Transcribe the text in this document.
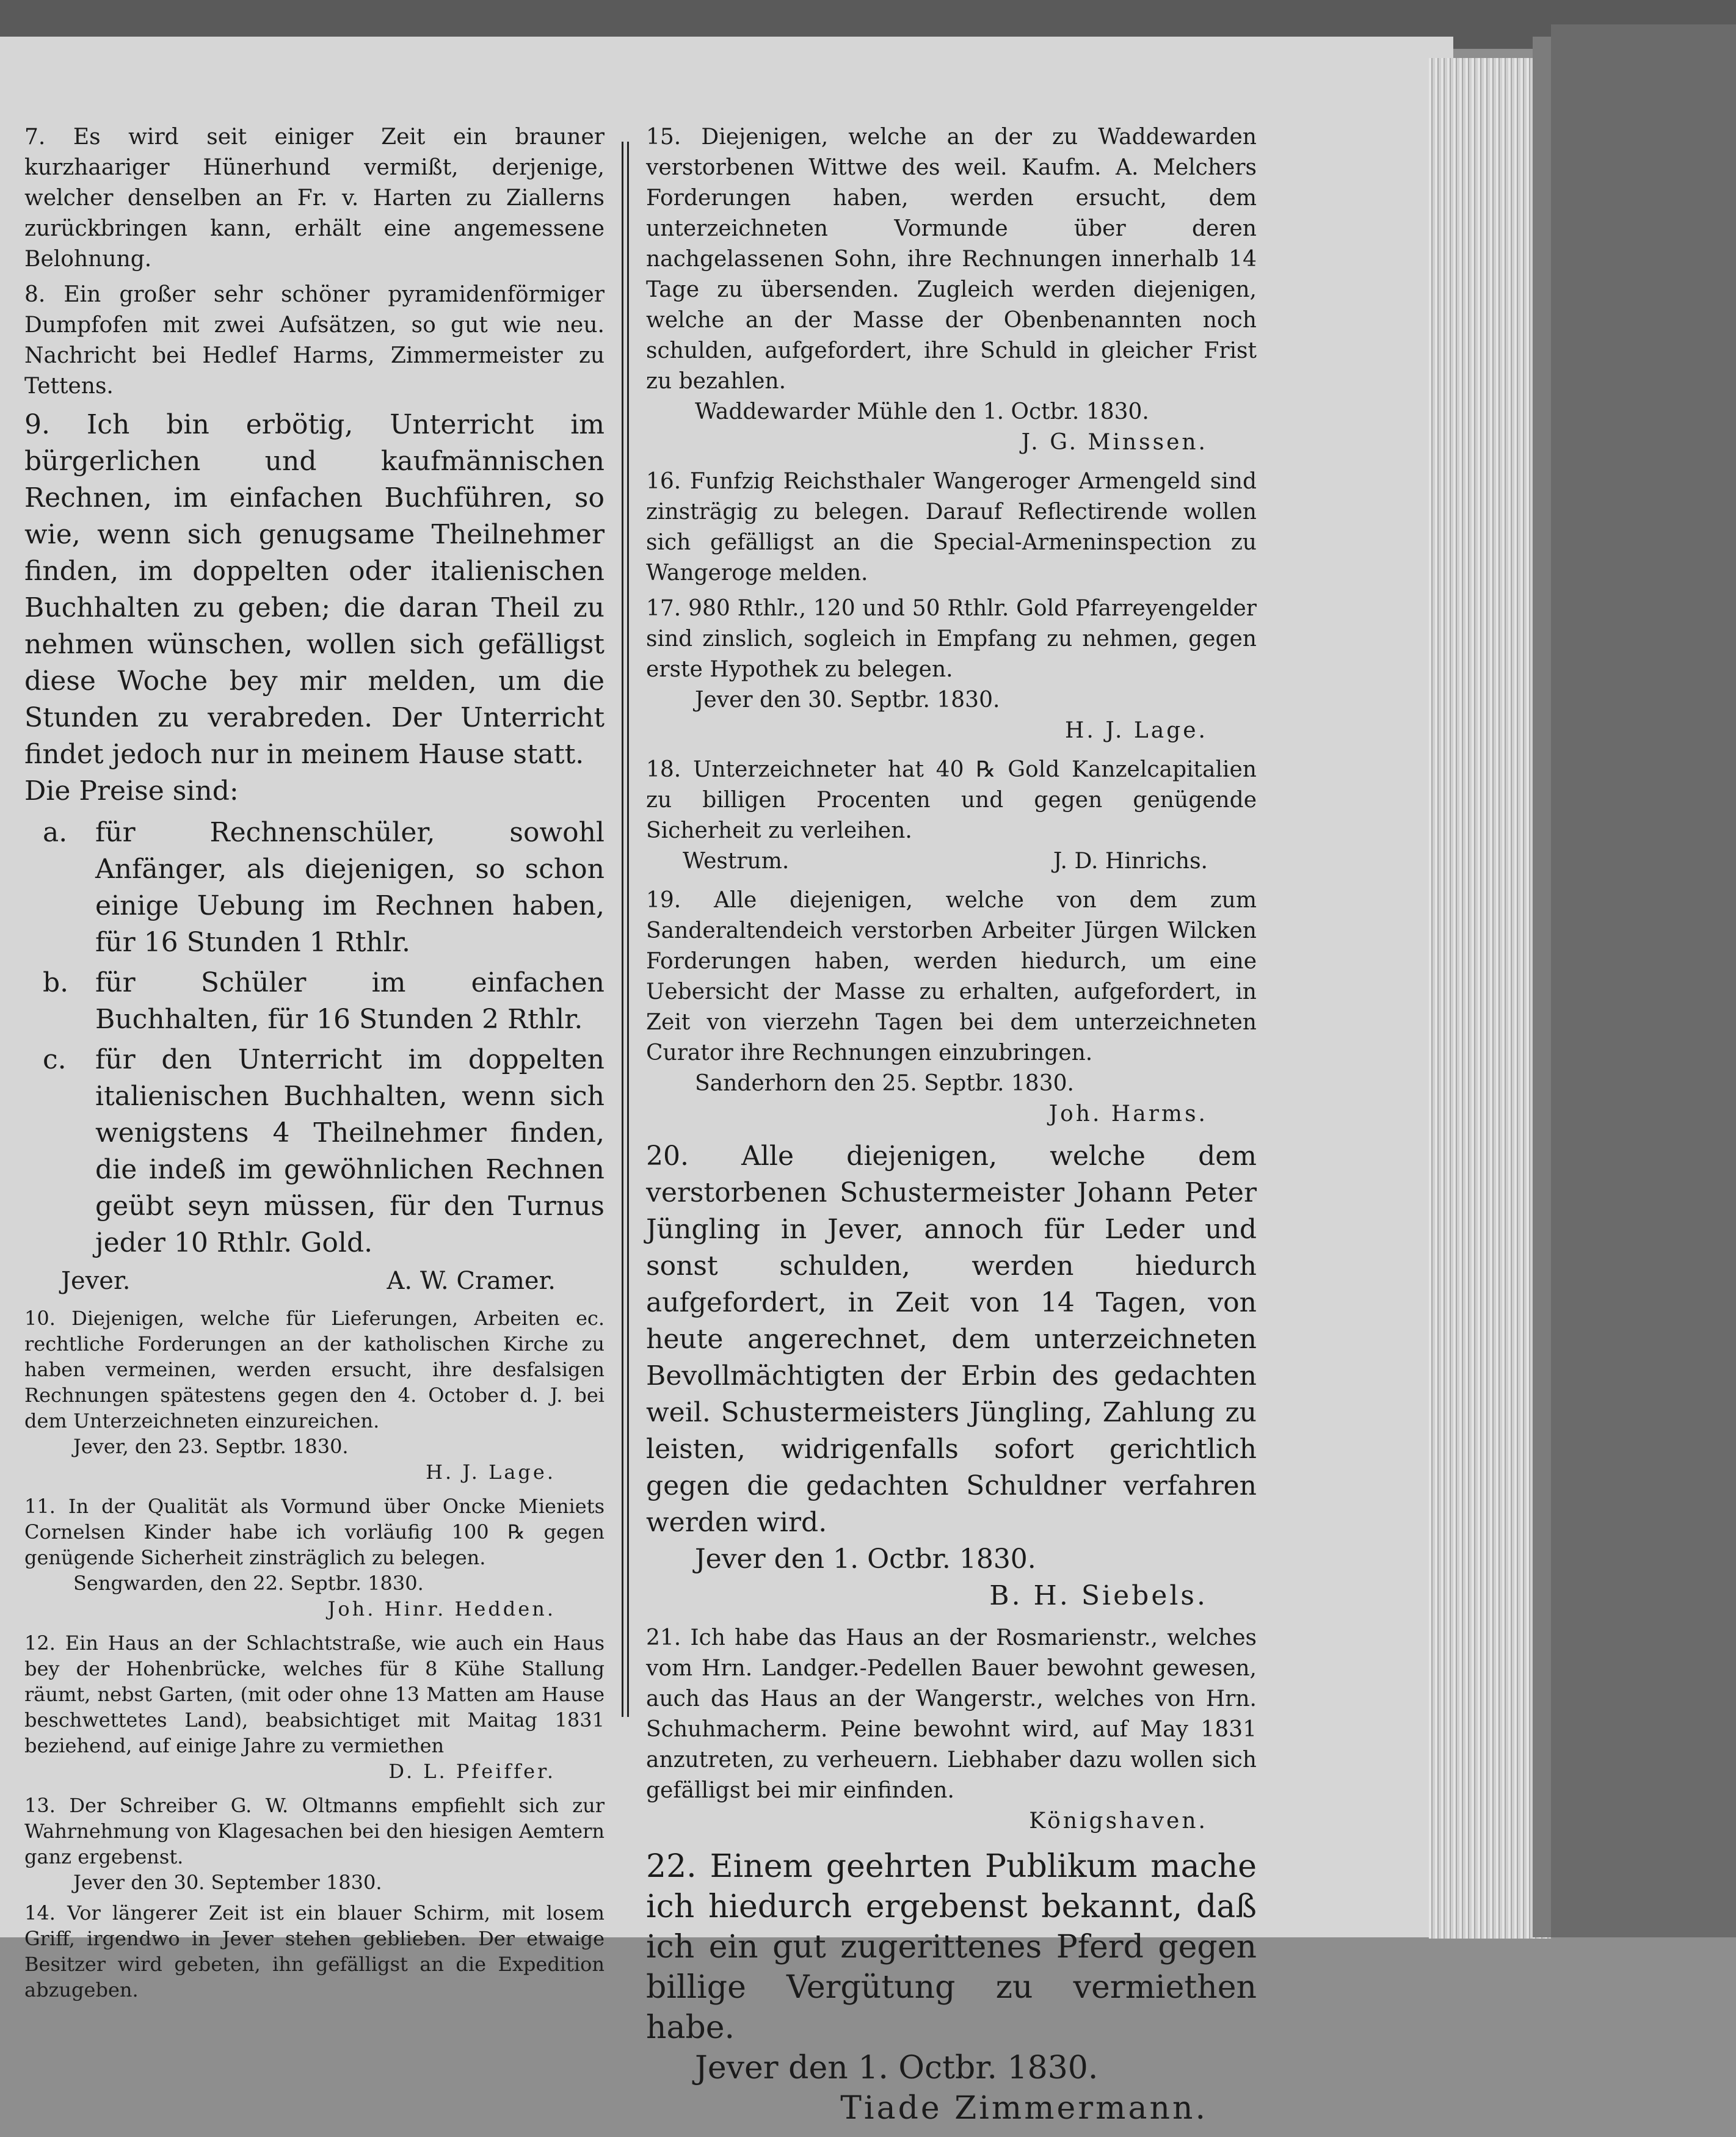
7. Es wird seit einiger Zeit ein brauner kurzhaariger Hünerhund vermißt, derjenige, welcher denselben an Fr. v. Harten zu Ziallerns zurückbringen kann, erhält eine angemessene Belohnung.
8. Ein großer sehr schöner pyramidenförmiger Dumpfofen mit zwei Aufsätzen, so gut wie neu. Nachricht bei Hedlef Harms, Zimmermeister zu Tettens.
9. Ich bin erbötig, Unterricht im bürgerlichen und kaufmännischen Rechnen, im einfachen Buchführen, so wie, wenn sich genugsame Theilnehmer finden, im doppelten oder italienischen Buchhalten zu geben; die daran Theil zu nehmen wünschen, wollen sich gefälligst diese Woche bey mir melden, um die Stunden zu verabreden. Der Unterricht findet jedoch nur in meinem Hause statt.
Die Preise sind:
a.	für Rechnenschüler, sowohl Anfänger, als diejenigen, so schon einige Uebung im Rechnen haben, für 16 Stunden 1 Rthlr.
b. für Schüler im einfachen Buchhalten, für 16 Stunden 2 Rthlr.
c.	für den Unterricht im doppelten italienischen Buchhalten, wenn sich wenigstens 4 Theilnehmer finden, die indeß im gewöhnlichen Rechnen geübt seyn müssen, für den Turnus jeder 10 Rthlr. Gold.
Jever.	A. W. Cramer.
10. Diejenigen, welche für Lieferungen, Arbeiten ec. rechtliche Forderungen an der katholischen Kirche zu haben vermeinen, werden ersucht, ihre desfalsigen Rechnungen spätestens gegen den 4. October d. J. bei dem Unterzeichneten einzureichen.
Jever, den 23. Septbr. 1830.
H. J. Lage.
11. In der Qualität als Vormund über Oncke Mieniets Cornelsen Kinder habe ich vorläufig 100 ℞ gegen genügende Sicherheit zinsträglich zu belegen.
Sengwarden, den 22. Septbr. 1830.
Joh. Hinr. Hedden.
12. Ein Haus an der Schlachtstraße, wie auch ein Haus bey der Hohenbrücke, welches für 8 Kühe Stallung räumt, nebst Garten, (mit oder ohne 13 Matten am Hause beschwettetes Land), beabsichtiget mit Maitag 1831 beziehend, auf einige Jahre zu vermiethen
D. L. Pfeiffer.
13. Der Schreiber G. W. Oltmanns empfiehlt sich zur Wahrnehmung von Klagesachen bei den hiesigen Aemtern ganz ergebenst.
Jever den 30. September 1830.
14. Vor längerer Zeit ist ein blauer Schirm, mit losem Griff, irgendwo in Jever stehen geblieben. Der etwaige Besitzer wird gebeten, ihn gefälligst an die Expedition abzugeben.
15. Diejenigen, welche an der zu Waddewarden verstorbenen Wittwe des weil. Kaufm. A. Melchers Forderungen haben, werden ersucht, dem unterzeichneten Vormunde über deren nachgelassenen Sohn, ihre Rechnungen innerhalb 14 Tage zu übersenden. Zugleich werden diejenigen, welche an der Masse der Obenbenannten noch schulden, aufgefordert, ihre Schuld in gleicher Frist zu bezahlen.
Waddewarder Mühle den 1. Octbr. 1830.
J. G. Minssen.
16. Funfzig Reichsthaler Wangeroger Armengeld sind zinsträgig zu belegen. Darauf Reflectirende wollen sich gefälligst an die Special-Armeninspection zu Wangeroge melden.
17. 980 Rthlr., 120 und 50 Rthlr. Gold Pfarreyengelder sind zinslich, sogleich in Empfang zu nehmen, gegen erste Hypothek zu belegen.
Jever den 30. Septbr. 1830.
H. J. Lage.
18. Unterzeichneter hat 40 ℞ Gold Kanzelcapitalien zu billigen Procenten und gegen genügende Sicherheit zu verleihen.
Westrum.	J. D. Hinrichs.
19. Alle diejenigen, welche von dem zum Sanderaltendeich verstorben Arbeiter Jürgen Wilcken Forderungen haben, werden hiedurch, um eine Uebersicht der Masse zu erhalten, aufgefordert, in Zeit von vierzehn Tagen bei dem unterzeichneten Curator ihre Rechnungen einzubringen.
Sanderhorn den 25. Septbr. 1830.
Joh. Harms.
20. Alle diejenigen, welche dem verstorbenen Schustermeister Johann Peter Jüngling in Jever, annoch für Leder und sonst schulden, werden hiedurch aufgefordert, in Zeit von 14 Tagen, von heute angerechnet, dem unterzeichneten Bevollmächtigten der Erbin des gedachten weil. Schustermeisters Jüngling, Zahlung zu leisten, widrigenfalls sofort gerichtlich gegen die gedachten Schuldner verfahren werden wird.
Jever den 1. Octbr. 1830.
B. H. Siebels.
21. Ich habe das Haus an der Rosmarienstr., welches vom Hrn. Landger.-Pedellen Bauer bewohnt gewesen, auch das Haus an der Wangerstr., welches von Hrn. Schuhmacherm. Peine bewohnt wird, auf May 1831 anzutreten, zu verheuern. Liebhaber dazu wollen sich gefälligst bei mir einfinden.
Königshaven.
22. Einem geehrten Publikum mache ich hiedurch ergebenst bekannt, daß ich ein gut zugerittenes Pferd gegen billige Vergütung zu vermiethen habe.
Jever den 1. Octbr. 1830.
Tiade Zimmermann.
